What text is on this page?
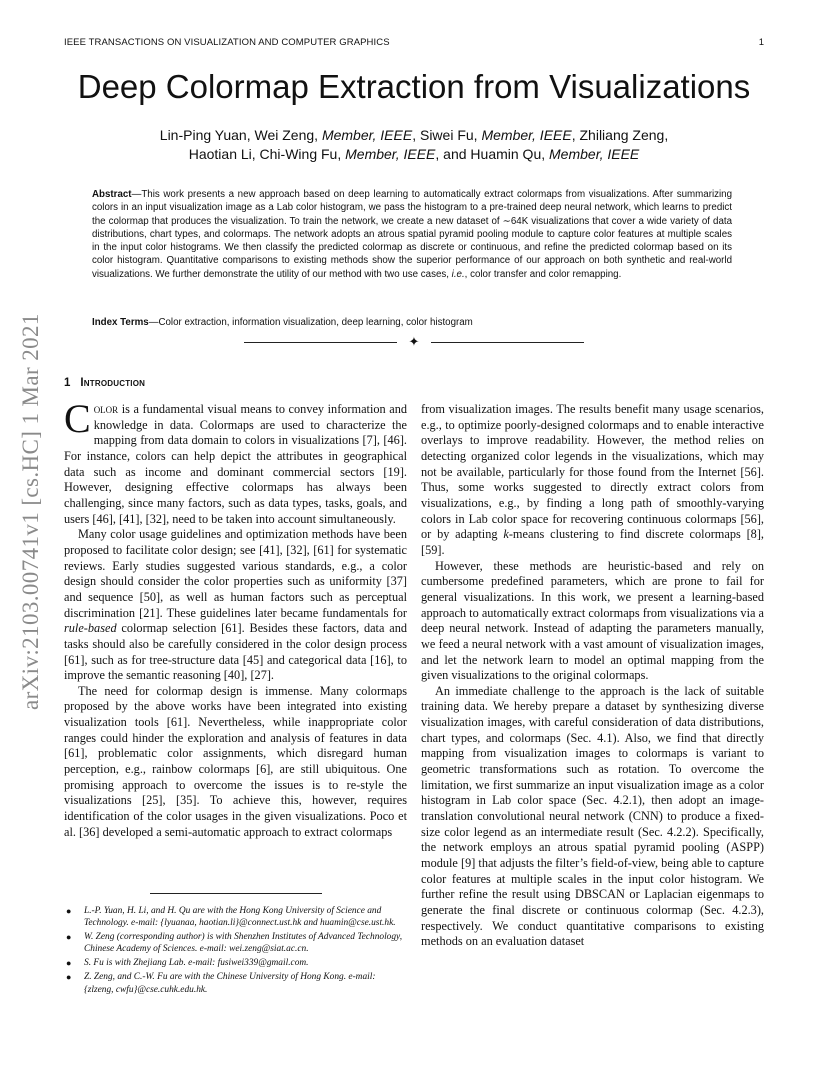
IEEE TRANSACTIONS ON VISUALIZATION AND COMPUTER GRAPHICS	1
Deep Colormap Extraction from Visualizations
Lin-Ping Yuan, Wei Zeng, Member, IEEE, Siwei Fu, Member, IEEE, Zhiliang Zeng,
Haotian Li, Chi-Wing Fu, Member, IEEE, and Huamin Qu, Member, IEEE
arXiv:2103.00741v1 [cs.HC] 1 Mar 2021

Abstract—This work presents a new approach based on deep learning to automatically extract colormaps from visualizations. After summarizing colors in an input visualization image as a Lab color histogram, we pass the histogram to a pre-trained deep neural network, which learns to predict the colormap that produces the visualization. To train the network, we create a new dataset of ∼64K visualizations that cover a wide variety of data distributions, chart types, and colormaps. The network adopts an atrous spatial pyramid pooling module to capture color features at multiple scales in the input color histograms. We then classify the predicted colormap as discrete or continuous, and refine the predicted colormap based on its color histogram. Quantitative comparisons to existing methods show the superior performance of our approach on both synthetic and real-world visualizations. We further demonstrate the utility of our method with two use cases, i.e., color transfer and color remapping.

Index Terms—Color extraction, information visualization, deep learning, color histogram

✦
1 Introduction

Color is a fundamental visual means to convey information and knowledge in data. Colormaps are used to characterize the mapping from data domain to colors in visualizations [7], [46]. For instance, colors can help depict the attributes in geographical data such as income and dominant commercial sectors [19]. However, designing effective colormaps has always been challenging, since many factors, such as data types, tasks, goals, and users [46], [41], [32], need to be taken into account simultaneously.

Many color usage guidelines and optimization methods have been proposed to facilitate color design; see [41], [32], [61] for systematic reviews. Early studies suggested various standards, e.g., a color design should consider the color properties such as uniformity [37] and sequence [50], as well as human factors such as perceptual discrimination [21]. These guidelines later became fundamentals for rule-based colormap selection [61]. Besides these factors, data and tasks should also be carefully considered in the color design process [61], such as for tree-structure data [45] and categorical data [16], to improve the semantic reasoning [40], [27].

The need for colormap design is immense. Many colormaps proposed by the above works have been integrated into existing visualization tools [61]. Nevertheless, while inappropriate color ranges could hinder the exploration and analysis of features in data [61], problematic color assignments, which disregard human perception, e.g., rainbow colormaps [6], are still ubiquitous. One promising approach to overcome the issues is to re-style the visualizations [25], [35]. To achieve this, however, requires identification of the color usages in the given visualizations. Poco et al. [36] developed a semi-automatic approach to extract colormaps

● L.-P. Yuan, H. Li, and H. Qu are with the Hong Kong University of Science and Technology. e-mail: {lyuanaa, haotian.li}@connect.ust.hk and huamin@cse.ust.hk.
● W. Zeng (corresponding author) is with Shenzhen Institutes of Advanced Technology, Chinese Academy of Sciences. e-mail: wei.zeng@siat.ac.cn.
● S. Fu is with Zhejiang Lab. e-mail: fusiwei339@gmail.com.
● Z. Zeng, and C.-W. Fu are with the Chinese University of Hong Kong. e-mail: {zlzeng, cwfu}@cse.cuhk.edu.hk.

from visualization images. The results benefit many usage scenarios, e.g., to optimize poorly-designed colormaps and to enable interactive overlays to improve readability. However, the method relies on detecting organized color legends in the visualizations, which may not be available, particularly for those found from the Internet [56]. Thus, some works suggested to directly extract colors from visualizations, e.g., by finding a long path of smoothly-varying colors in Lab color space for recovering continuous colormaps [56], or by adapting k-means clustering to find discrete colormaps [8], [59].

However, these methods are heuristic-based and rely on cumbersome predefined parameters, which are prone to fail for general visualizations. In this work, we present a learning-based approach to automatically extract colormaps from visualizations via a deep neural network. Instead of adapting the parameters manually, we feed a neural network with a vast amount of visualization images, and let the network learn to model an optimal mapping from the given visualizations to the original colormaps.

An immediate challenge to the approach is the lack of suitable training data. We hereby prepare a dataset by synthesizing diverse visualization images, with careful consideration of data distributions, chart types, and colormaps (Sec. 4.1). Also, we find that directly mapping from visualization images to colormaps is variant to geometric transformations such as rotation. To overcome the limitation, we first summarize an input visualization image as a color histogram in Lab color space (Sec. 4.2.1), then adopt an image-translation convolutional neural network (CNN) to produce a fixed-size color legend as an intermediate result (Sec. 4.2.2). Specifically, the network employs an atrous spatial pyramid pooling (ASPP) module [9] that adjusts the filter’s field-of-view, being able to capture color features at multiple scales in the input color histogram. We further refine the result using DBSCAN or Laplacian eigenmaps to generate the final discrete or continuous colormap (Sec. 4.2.3), respectively. We conduct quantitative comparisons to existing methods on an evaluation dataset
